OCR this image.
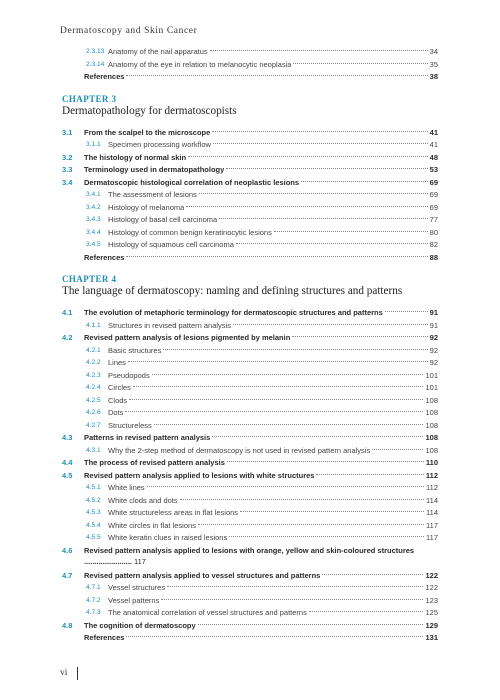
Dermatoscopy and Skin Cancer
2.3.13 Anatomy of the nail apparatus	34
2.3.14 Anatomy of the eye in relation to melanocytic neoplasia	35
References	38
CHAPTER 3
Dermatopathology for dermatoscopists
3.1 From the scalpel to the microscope	41
3.1.1 Specimen processing workflow	41
3.2 The histology of normal skin	48
3.3 Terminology used in dermatopathology	53
3.4 Dermatoscopic histological correlation of neoplastic lesions	69
3.4.1 The assessment of lesions	69
3.4.2 Histology of melanoma	69
3.4.3 Histology of basal cell carcinoma	77
3.4.4 Histology of common benign keratinocytic lesions	80
3.4.5 Histology of squamous cell carcinoma	82
References	88
CHAPTER 4
The language of dermatoscopy: naming and defining structures and patterns
4.1 The evolution of metaphoric terminology for dermatoscopic structures and patterns	91
4.1.1 Structures in revised pattern analysis	91
4.2 Revised pattern analysis of lesions pigmented by melanin	92
4.2.1 Basic structures	92
4.2.2 Lines	92
4.2.3 Pseudopods	101
4.2.4 Circles	101
4.2.5 Clods	108
4.2.6 Dots	108
4.2.7 Structureless	108
4.3 Patterns in revised pattern analysis	108
4.3.1 Why the 2-step method of dermatoscopy is not used in revised pattern analysis	108
4.4 The process of revised pattern analysis	110
4.5 Revised pattern analysis applied to lesions with white structures	112
4.5.1 White lines	112
4.5.2 White clods and dots	114
4.5.3 White structureless areas in flat lesions	114
4.5.4 White circles in flat lesions	117
4.5.5 White keratin clues in raised lesions	117
4.6 Revised pattern analysis applied to lesions with orange, yellow and skin-coloured structures ....................... 117
4.7 Revised pattern analysis applied to vessel structures and patterns	122
4.7.1 Vessel structures	122
4.7.2 Vessel patterns	123
4.7.3 The anatomical correlation of vessel structures and patterns	125
4.8 The cognition of dermatoscopy	129
References	131
vi
